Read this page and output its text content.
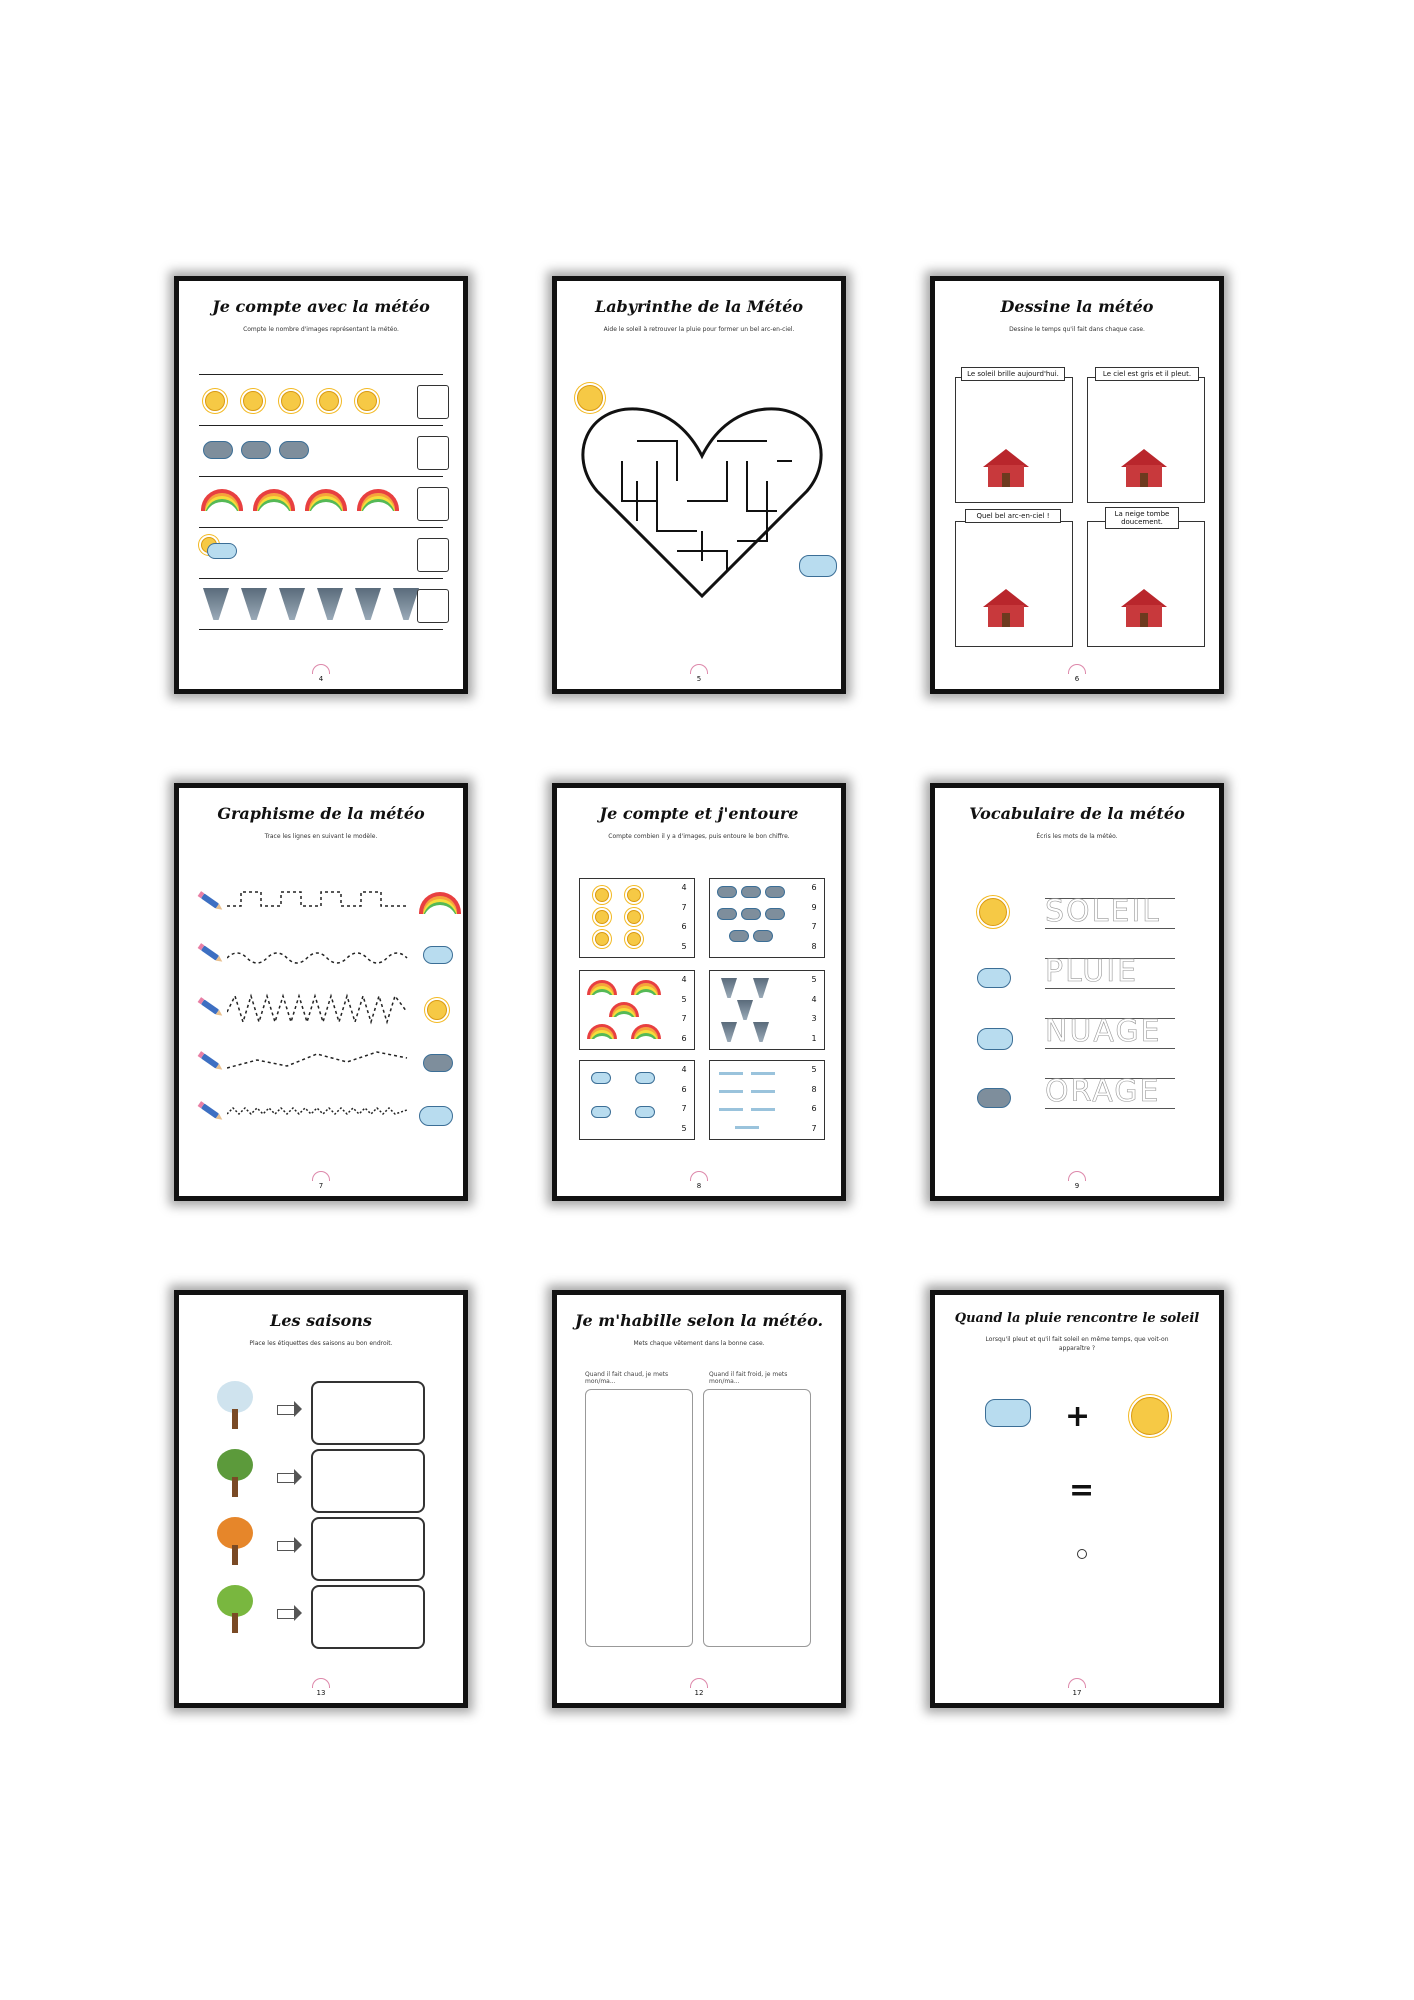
Je compte avec la météo
Compte le nombre d'images représentant la météo.
4
Labyrinthe de la Météo
Aide le soleil à retrouver la pluie pour former un bel arc-en-ciel.
5
Dessine la météo
Dessine le temps qu'il fait dans chaque case.
Le soleil brille aujourd'hui.	Le ciel est gris et il pleut.
Quel bel arc-en-ciel !	La neige tombe doucement.
6
Graphisme de la météo
Trace les lignes en suivant le modèle.
7
Je compte et j'entoure
Compte combien il y a d'images, puis entoure le bon chiffre.
4
7
6
5
6
9
7
8
4
5
7
6
5
4
3
1
4
6
7
5
5
8
6
7
8
Vocabulaire de la météo
Écris les mots de la météo.
SOLEIL
PLUIE
NUAGE
ORAGE
9
Les saisons
Place les étiquettes des saisons au bon endroit.
13
Je m'habille selon la météo.
Mets chaque vêtement dans la bonne case.
Quand il fait chaud, je mets mon/ma...
Quand il fait froid, je mets mon/ma...
12
Quand la pluie rencontre le soleil
Lorsqu'il pleut et qu'il fait soleil en même temps, que voit-on apparaître ?
+
=
17
